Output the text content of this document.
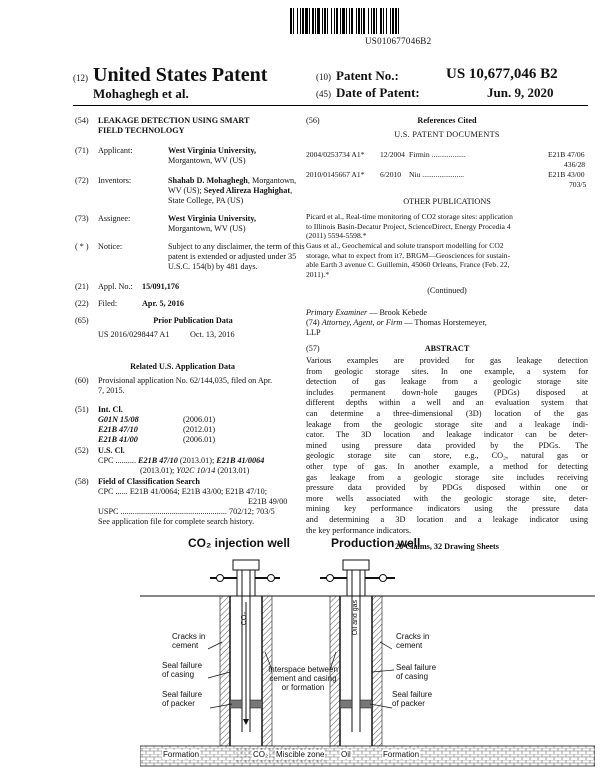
US010677046B2
(12) United States Patent
Mohaghegh et al.
(10) Patent No.:	US 10,677,046 B2
(45) Date of Patent:	Jun. 9, 2020
(54) LEAKAGE DETECTION USING SMART
FIELD TECHNOLOGY
(71) Applicant:	West Virginia University,
Morgantown, WV (US)
(72) Inventors:	Shahab D. Mohaghegh, Morgantown,
WV (US); Seyed Alireza Haghighat,
State College, PA (US)
(73) Assignee:	West Virginia University,
Morgantown, WV (US)
( * ) Notice:	Subject to any disclaimer, the term of this
patent is extended or adjusted under 35
U.S.C. 154(b) by 481 days.
(21) Appl. No.: 15/091,176
(22) Filed:	Apr. 5, 2016
(65)	Prior Publication Data
US 2016/0298447 A1	Oct. 13, 2016
Related U.S. Application Data
(60) Provisional application No. 62/144,035, filed on Apr.
7, 2015.
(51) Int. Cl.
G01N 15/08	(2006.01)
E21B 47/10	(2012.01)
E21B 41/00	(2006.01)
(52) U.S. Cl.
CPC .......... E21B 47/10 (2013.01); E21B 41/0064
(2013.01); Y02C 10/14 (2013.01)
(58) Field of Classification Search
CPC ...... E21B 41/0064; E21B 43/00; E21B 47/10;
E21B 49/00
USPC .................................................... 702/12; 703/5
See application file for complete search history.
(56)	References Cited
U.S. PATENT DOCUMENTS
2004/0253734 A1* 12/2004 Firmin ..................	E21B 47/06
436/28
2010/0145667 A1* 6/2010 Niu ......................	E21B 43/00
703/5
OTHER PUBLICATIONS
Picard et al., Real-time monitoring of CO2 storage sites: application
to Illinois Basin-Decatur Project, ScienceDirect, Energy Procedia 4
(2011) 5594-5598.*
Gaus et al., Geochemical and solute transport modelling for CO2
storage, what to expect from it?, BRGM—Geosciences for sustain-
able Earth 3 avenue C. Guillemin, 45060 Orleans, France (Feb. 22,
2011).*
(Continued)
Primary Examiner — Brook Kebede
(74) Attorney, Agent, or Firm — Thomas Horstemeyer,
LLP
(57)	ABSTRACT
Various examples are provided for gas leakage detection
from geologic storage sites. In one example, a system for
detection of gas leakage from a geologic storage site
includes permanent down-hole gauges (PDGs) disposed at
different depths within a well and an evaluation system that
can determine a three-dimensional (3D) location of the gas
leakage from the geologic storage site and a leakage indi-
cator. The 3D location and leakage indicator can be deter-
mined using pressure data provided by the PDGs. The
geologic storage site can store, e.g., CO₂, natural gas or
other type of gas. In another example, a method for detecting
gas leakage from a geologic storage site includes receiving
pressure data provided by PDGs disposed within one or
more wells associated with the geologic storage site, deter-
mining key performance indicators using the pressure data
and determining a 3D location and a leakage indicator using
the key performance indicators.
20 Claims, 32 Drawing Sheets
CO₂ injection well	Production well
Cracks in
cement
Seal failure
of casing
Seal failure
of packer
Formation
Interspace between
cement and casing
or formation
CO₂ Miscible zone Oil
Cracks in
cement
Seal failure
of casing
Seal failure
of packer
Formation
CO₂	Oil and gas
